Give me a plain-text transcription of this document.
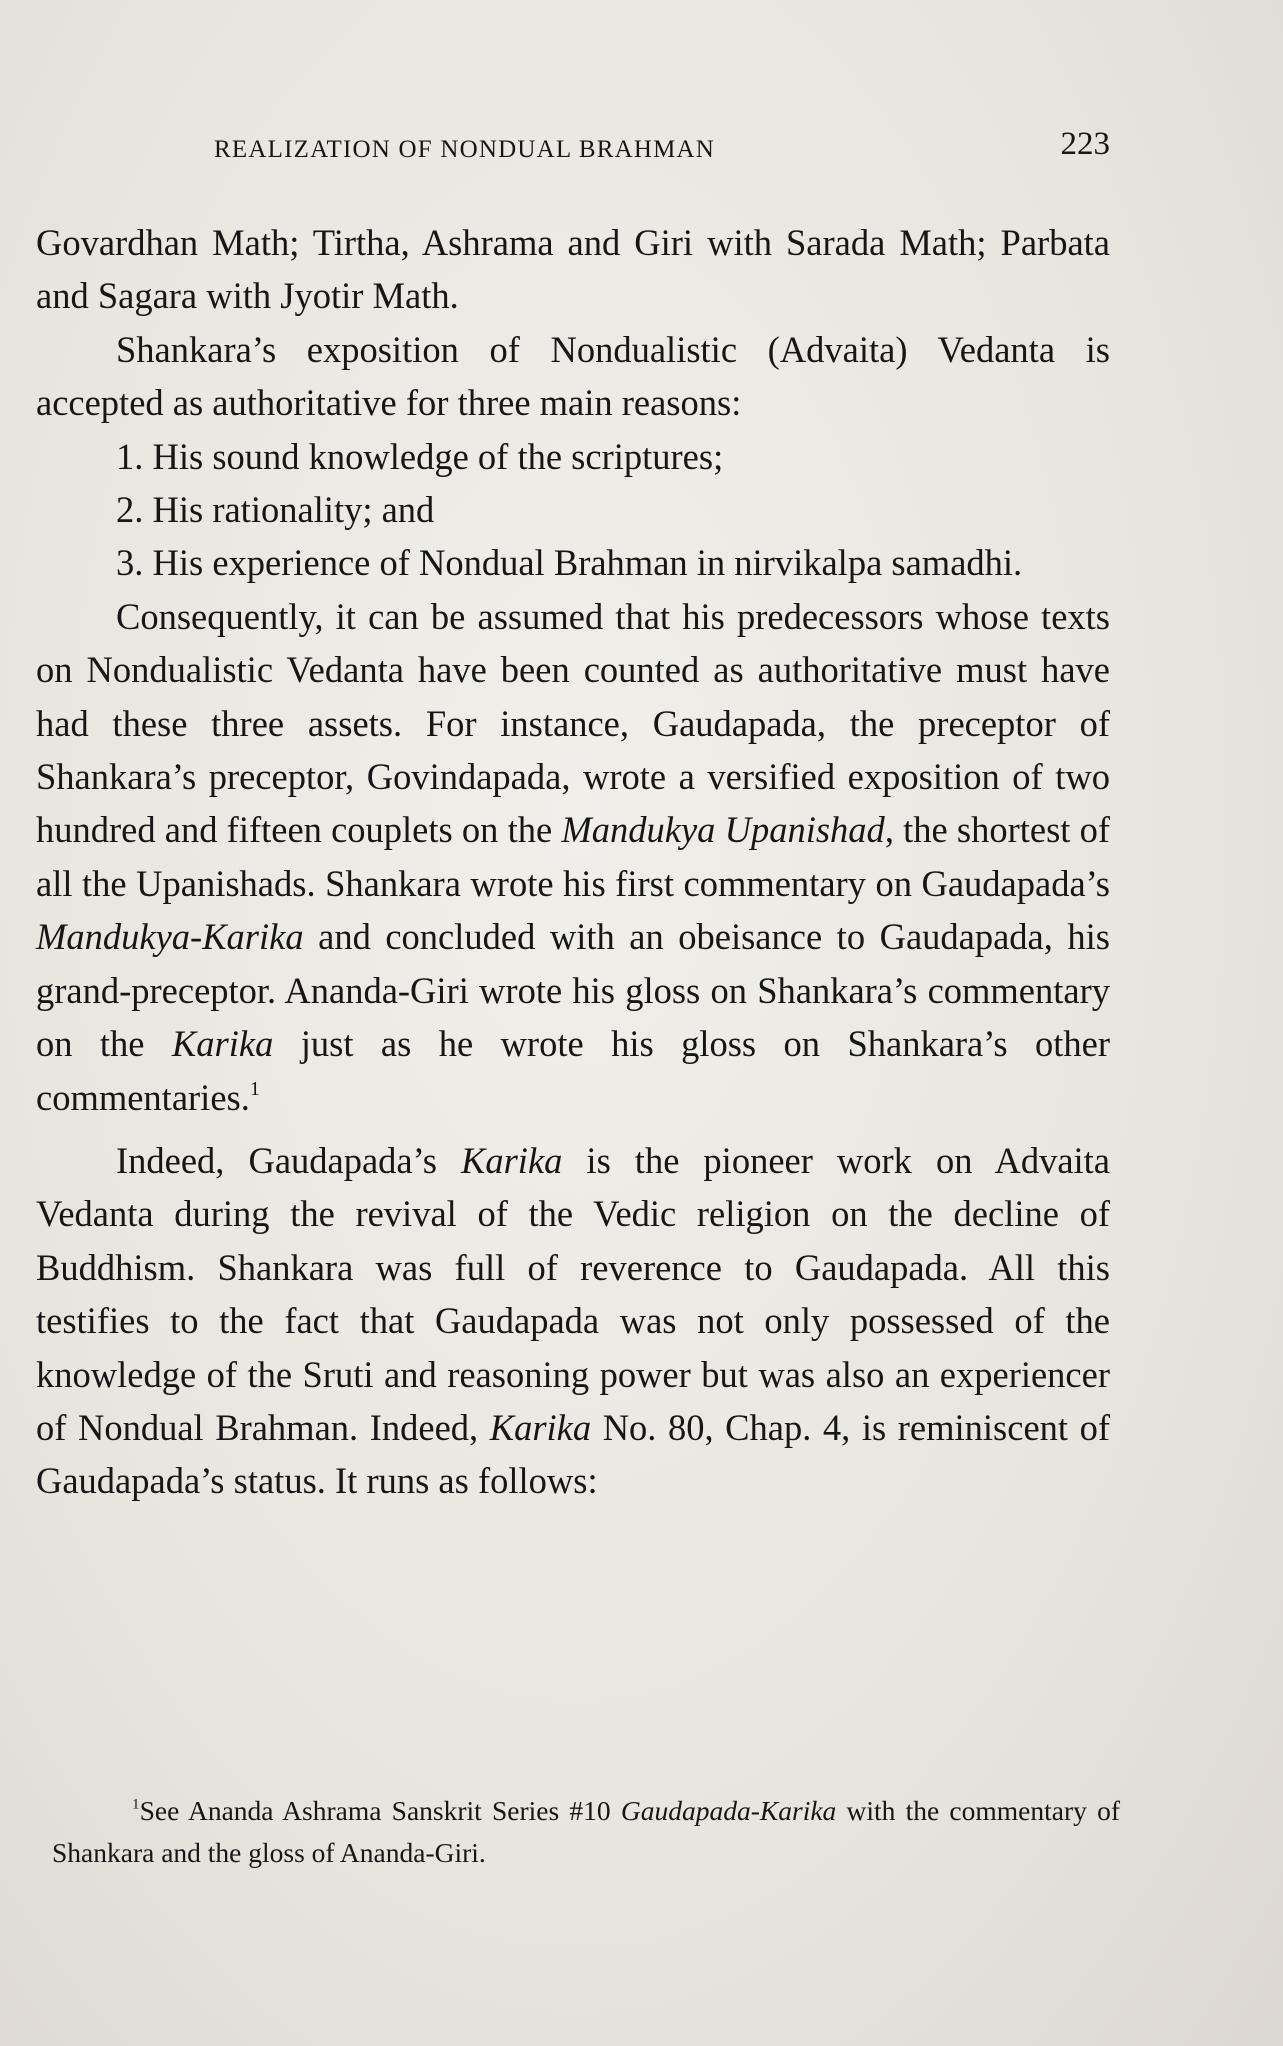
REALIZATION OF NONDUAL BRAHMAN	223

Govardhan Math; Tirtha, Ashrama and Giri with Sarada Math; Parbata and Sagara with Jyotir Math.

Shankara’s exposition of Nondualistic (Advaita) Vedanta is accepted as authoritative for three main reasons:

1. His sound knowledge of the scriptures;

2. His rationality; and

3. His experience of Nondual Brahman in nirvikalpa samadhi.

Consequently, it can be assumed that his predecessors whose texts on Nondualistic Vedanta have been counted as authoritative must have had these three assets. For instance, Gaudapada, the preceptor of Shankara’s preceptor, Govindapada, wrote a versified exposition of two hundred and fifteen couplets on the Mandukya Upanishad, the shortest of all the Upanishads. Shankara wrote his first commentary on Gaudapada’s Mandukya-Karika and concluded with an obeisance to Gaudapada, his grand-preceptor. Ananda-Giri wrote his gloss on Shankara’s commentary on the Karika just as he wrote his gloss on Shankara’s other commentaries.$^1$

Indeed, Gaudapada’s Karika is the pioneer work on Advaita Vedanta during the revival of the Vedic religion on the decline of Buddhism. Shankara was full of reverence to Gaudapada. All this testifies to the fact that Gaudapada was not only possessed of the knowledge of the Sruti and reasoning power but was also an experiencer of Nondual Brahman. Indeed, Karika No. 80, Chap. 4, is reminiscent of Gaudapada’s status. It runs as follows:

$^1$See Ananda Ashrama Sanskrit Series #10 Gaudapada-Karika with the commentary of Shankara and the gloss of Ananda-Giri.
